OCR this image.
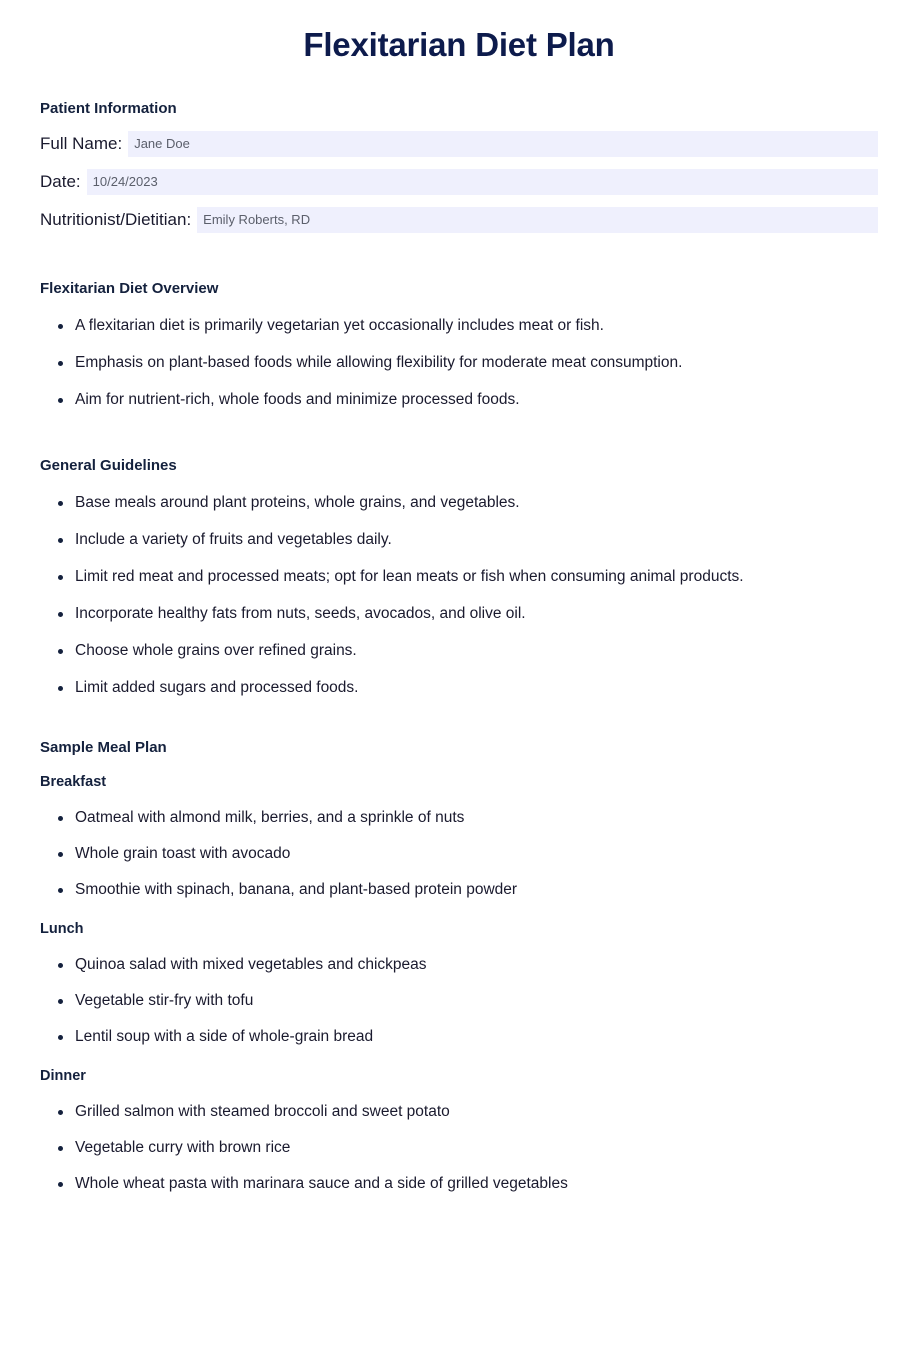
Flexitarian Diet Plan
Patient Information
Full Name: Jane Doe
Date: 10/24/2023
Nutritionist/Dietitian: Emily Roberts, RD
Flexitarian Diet Overview
A flexitarian diet is primarily vegetarian yet occasionally includes meat or fish.
Emphasis on plant-based foods while allowing flexibility for moderate meat consumption.
Aim for nutrient-rich, whole foods and minimize processed foods.
General Guidelines
Base meals around plant proteins, whole grains, and vegetables.
Include a variety of fruits and vegetables daily.
Limit red meat and processed meats; opt for lean meats or fish when consuming animal products.
Incorporate healthy fats from nuts, seeds, avocados, and olive oil.
Choose whole grains over refined grains.
Limit added sugars and processed foods.
Sample Meal Plan
Breakfast
Oatmeal with almond milk, berries, and a sprinkle of nuts
Whole grain toast with avocado
Smoothie with spinach, banana, and plant-based protein powder
Lunch
Quinoa salad with mixed vegetables and chickpeas
Vegetable stir-fry with tofu
Lentil soup with a side of whole-grain bread
Dinner
Grilled salmon with steamed broccoli and sweet potato
Vegetable curry with brown rice
Whole wheat pasta with marinara sauce and a side of grilled vegetables
